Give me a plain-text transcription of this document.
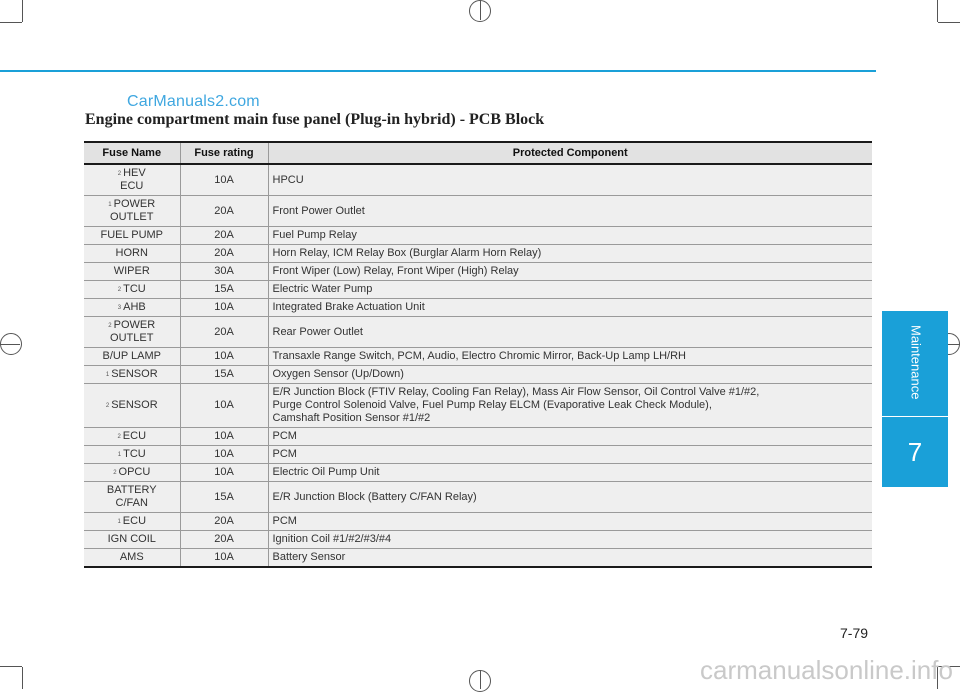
CarManuals2.com
Engine compartment main fuse panel (Plug-in hybrid) - PCB Block
Maintenance
7
Fuse Name	Fuse rating	Protected Component
$^2$ HEV
ECU	10A	HPCU
$^1$ POWER
OUTLET	20A	Front Power Outlet
FUEL PUMP	20A	Fuel Pump Relay
HORN	20A	Horn Relay, ICM Relay Box (Burglar Alarm Horn Relay)
WIPER	30A	Front Wiper (Low) Relay, Front Wiper (High) Relay
$^2$ TCU	15A	Electric Water Pump
$^3$ AHB	10A	Integrated Brake Actuation Unit
$^2$ POWER
OUTLET	20A	Rear Power Outlet
B/UP LAMP	10A	Transaxle Range Switch, PCM, Audio, Electro Chromic Mirror, Back-Up Lamp LH/RH
$^1$ SENSOR	15A	Oxygen Sensor (Up/Down)
$^2$ SENSOR	10A	E/R Junction Block (FTIV Relay, Cooling Fan Relay), Mass Air Flow Sensor, Oil Control Valve #1/#2,
Purge Control Solenoid Valve, Fuel Pump Relay ELCM (Evaporative Leak Check Module),
Camshaft Position Sensor #1/#2
$^2$ ECU	10A	PCM
$^1$ TCU	10A	PCM
$^2$ OPCU	10A	Electric Oil Pump Unit
BATTERY
C/FAN	15A	E/R Junction Block (Battery C/FAN Relay)
$^1$ ECU	20A	PCM
IGN COIL	20A	Ignition Coil #1/#2/#3/#4
AMS	10A	Battery Sensor
7-79
carmanualsonline.info
